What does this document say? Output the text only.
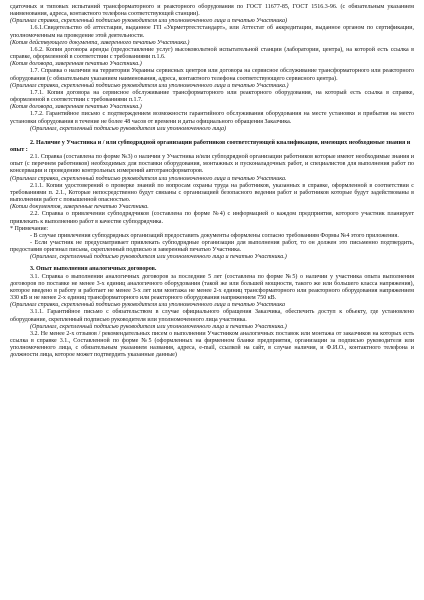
сдаточных и типовых испытаний трансформаторного и реакторного оборудования по ГОСТ 11677-85, ГОСТ 1516.3-96. (с обязательным указанием наименования, адреса, контактного телефона соответствующей станции).

(Оригинал справки, скрепленный подписью руководителя или уполномоченного лица и печатью Участника)

1.6.1.Свидетельство об аттестации, выданное ГП «Укрметртестстандарт», или Аттестат об аккредитации, выданное органом по сертификации, уполномоченным на проведение этой деятельности.

(Копия действующего документа, заверенного печатью Участника.)

1.6.2. Копия договора аренды (предоставление услуг) высоковольтной испытательной станции (лаборатории, центра), на которой есть ссылка в справке, оформленной в соответствии с требованиями п.1.6.

(Копия договора, заверенная печатью Участника.)

1.7. Справка о наличии на территории Украины сервисных центров или договора на сервисное обслуживание трансформаторного или реакторного оборудования (с обязательным указанием наименования, адреса, контактного телефона соответствующего сервисного центра).

(Оригинал справки, скрепленный подписью руководителя или уполномоченного лица и печатью Участника.)

1.7.1. Копия договора на сервисное обслуживание трансформаторного или реакторного оборудования, на который есть ссылка в справке, оформленной в соответствии с требованиями п.1.7.

(Копия договора, заверенная печатью Участника.)

1.7.2. Гарантийное письмо с подтверждением возможности гарантийного обслуживания оборудования на месте установки и прибытия на место установки оборудования в течение не более 48 часов от времени и даты официального обращения Заказчика.

(Оригинал, скрепленный подписью руководителя или уполномоченного лица)

2. Наличие у Участника и / или субподрядной организации работников соответствующей квалификации, имеющих необходимые знания и опыт :

2.1. Справка (составлена по форме №3) о наличии у Участника и/или субподрядной организации работников которые имеют необходимые знания и опыт (с перечнем работников) необходимых для поставки оборудования, монтажных и пусконаладочных работ, и специалистов для выполнения работ по консервации и проведению контрольных измерений автотрансформаторов.

(Оригинал справки, скрепленный подписью руководителя или уполномоченного лица и печатью Участника.

2.1.1. Копии удостоверений о проверке знаний по вопросам охраны труда на работников, указанных в справке, оформленной в соответствии с требованиями п. 2.1., Которые непосредственно будут связаны с организацией безопасного ведения работ и работников которые будут задействованы в выполнении работ с повышенной опасностью.

(Копии документов, заверенные печатью Участника.

2.2. Справка о привлечении субподрядчиков (составлена по форме №4) с информацией о каждом предприятия, которого участник планирует привлекать к выполнению работ в качестве субподрядчика.

* Примечание:

- В случае привлечения субподрядных организаций предоставить документы оформлены согласно требованиям Формы №4 этого приложения.

- Если участник не предусматривает привлекать субподрядные организации для выполнения работ, то он должен это письменно подтвердить, предоставив оригинал письма, скрепленный подписью и заверенный печатью Участника.

(Оригинал, скрепленный подписью руководителя или уполномоченного лица и печатью Участника.)

3. Опыт выполнения аналогичных договоров.

3.1. Справка о выполнении аналогичных договоров за последние 5 лет (составлена по форме №5) о наличии у участника опыта выполнения договоров по поставке не менее 3-х единиц аналогичного оборудования (такой же или большей мощности, такого же или большего класса напряжения), которое введено в работу и работает не менее 3-х лет или монтажа не менее 2-х единиц трансформаторного или реакторного оборудования напряжением 330 кВ и не менее 2-х единиц трансформаторного или реакторного оборудования напряжением 750 кВ.

(Оригинал справки, скрепленный подписью руководителя или уполномоченного лица и печатью Участника

3.1.1. Гарантийное письмо с обязательством в случае официального обращения Заказчика, обеспечить доступ к объекту, где установлено оборудование, скрепленный подписью руководителя или уполномоченного лица участника.

(Оригинал, скрепленный подписью руководителя или уполномоченного лица и печатью Участника.)

3.2. Не менее 2-х отзывов / рекомендательных писем о выполнении Участником аналогичных поставок или монтажа от заказчиков на которых есть ссылка в справке 3.1., Составленной по форме №5 (оформленных на фирменном бланке предприятия, организации за подписью руководителя или уполномоченного лица, с обязательным указанием названия, адреса, e-mail, ссылкой на сайт, в случае наличия, и Ф.И.О., контактного телефона и должности лица, которое может подтвердить указанные данные)
